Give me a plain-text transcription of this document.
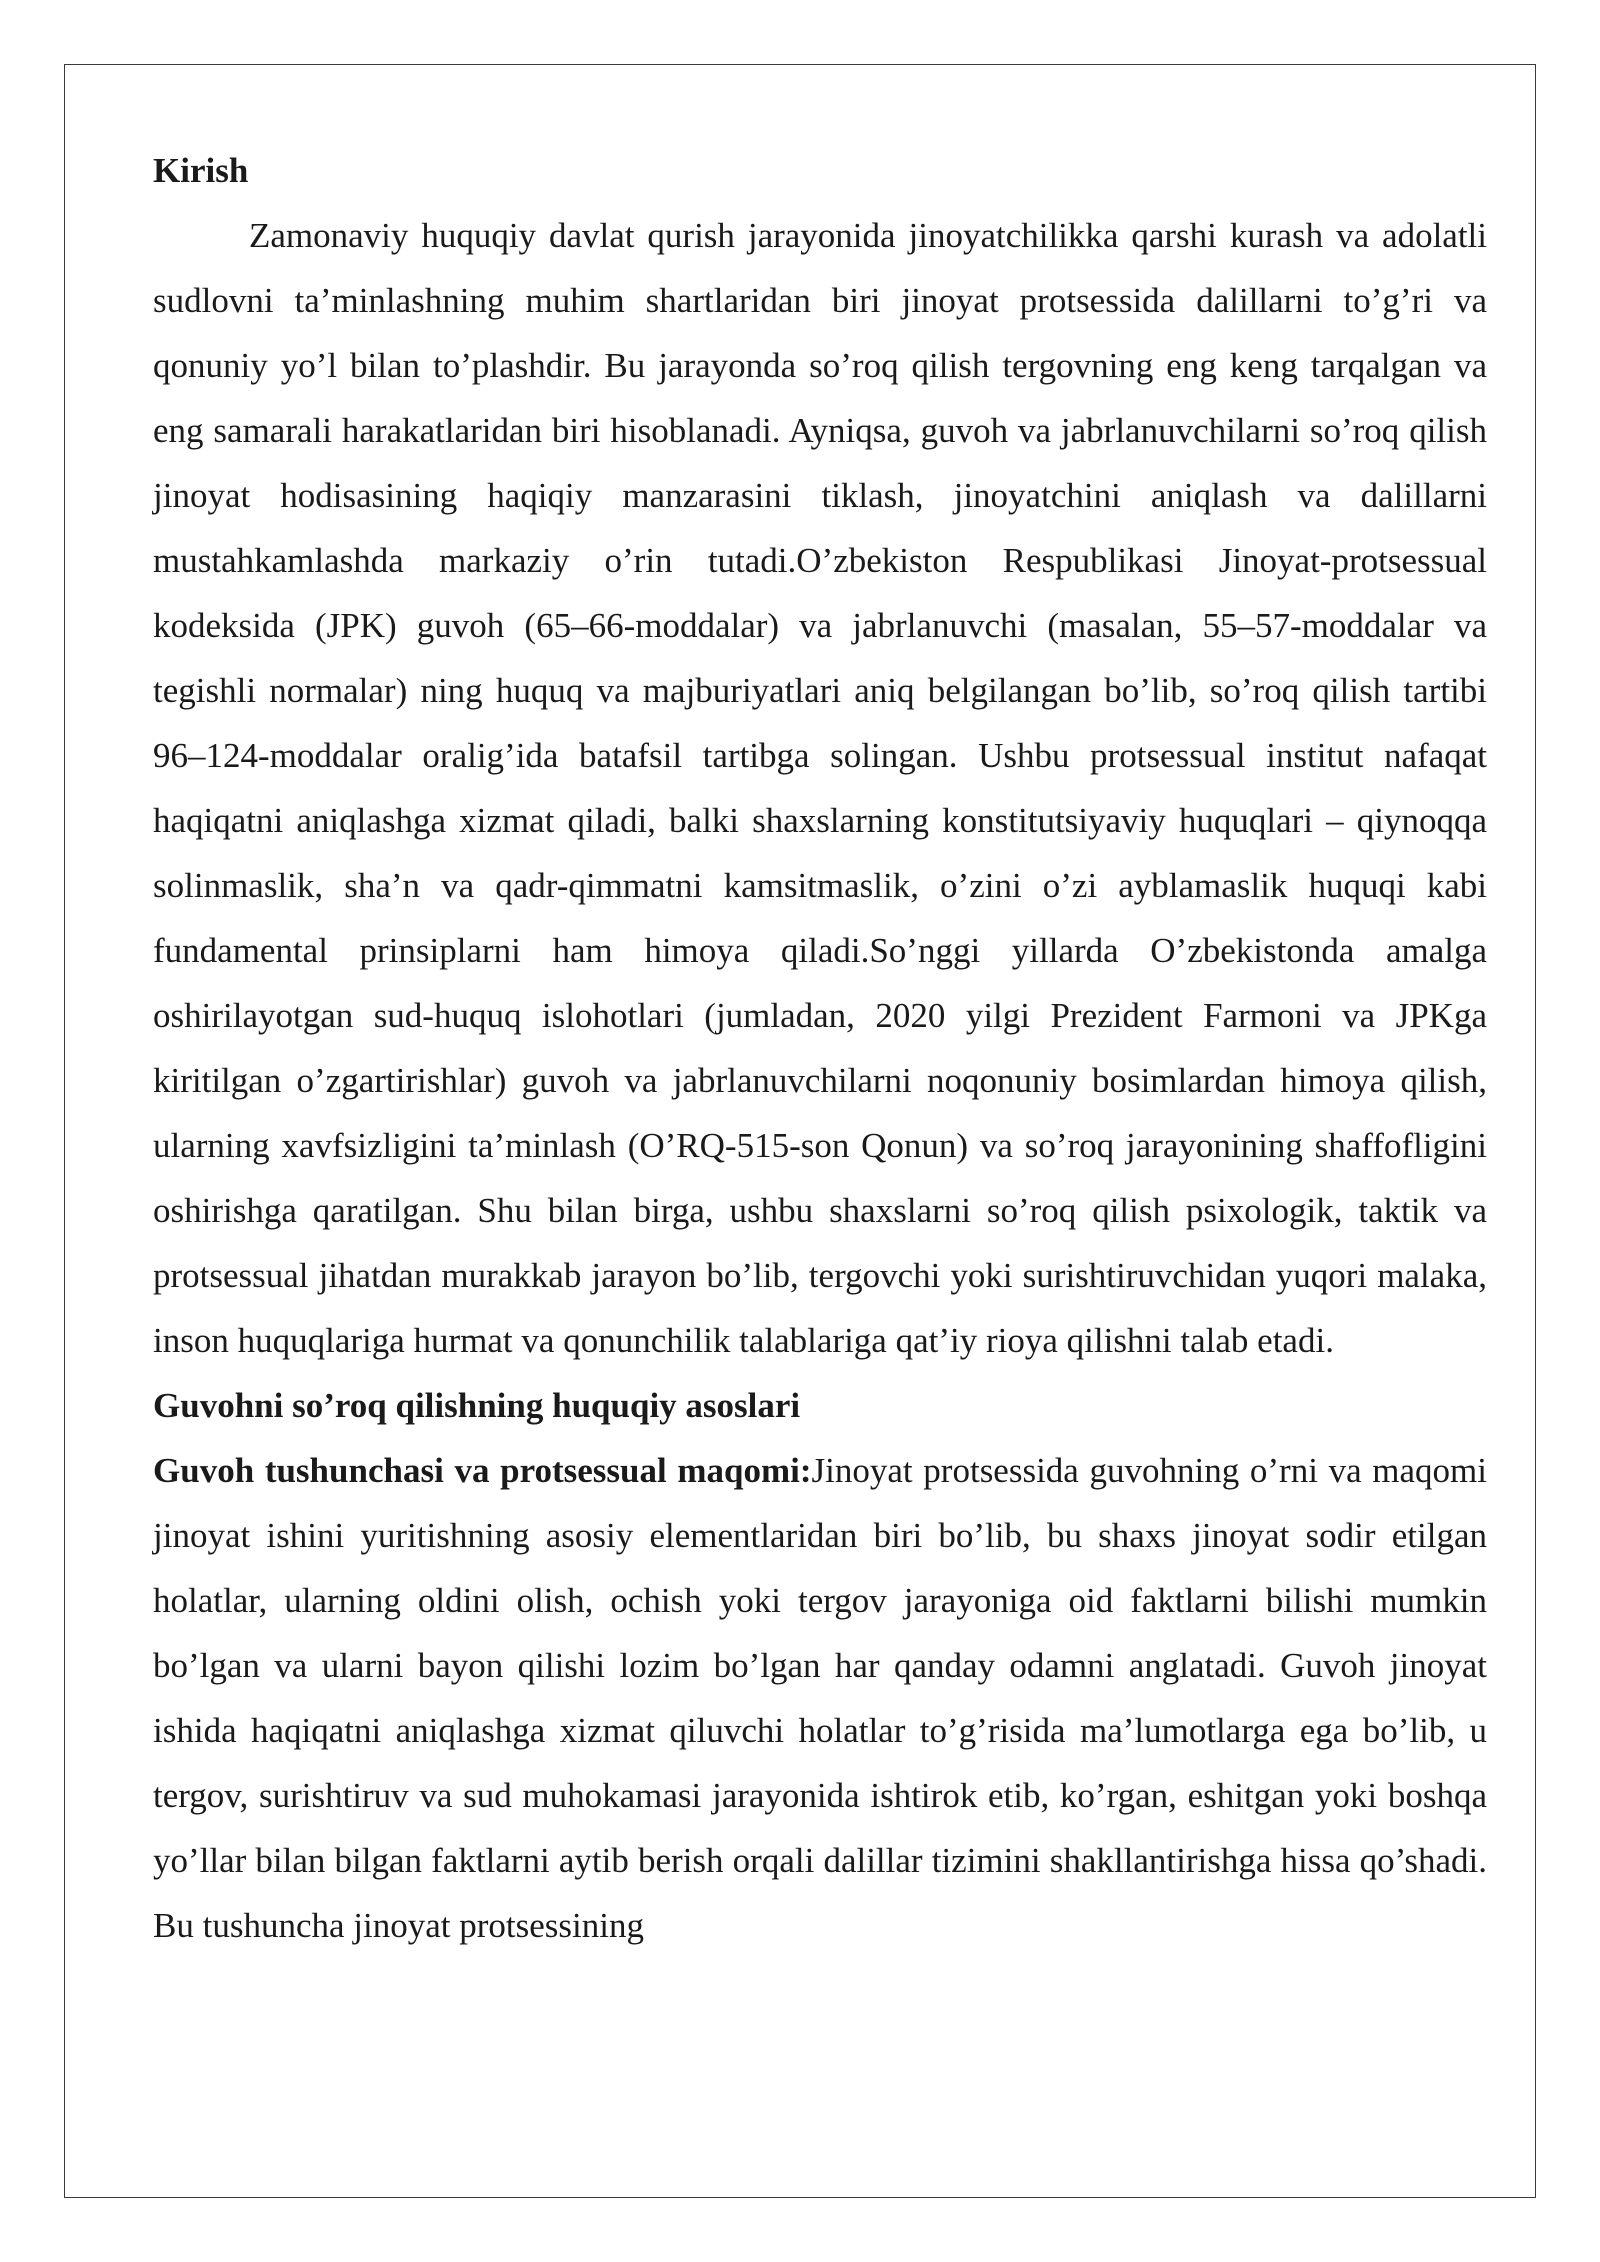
Kirish

Zamonaviy huquqiy davlat qurish jarayonida jinoyatchilikka qarshi kurash va adolatli sudlovni ta’minlashning muhim shartlaridan biri jinoyat protsessida dalillarni to’g’ri va qonuniy yo’l bilan to’plashdir. Bu jarayonda so’roq qilish tergovning eng keng tarqalgan va eng samarali harakatlaridan biri hisoblanadi. Ayniqsa, guvoh va jabrlanuvchilarni so’roq qilish jinoyat hodisasining haqiqiy manzarasini tiklash, jinoyatchini aniqlash va dalillarni mustahkamlashda markaziy o’rin tutadi.O’zbekiston Respublikasi Jinoyat-protsessual kodeksida (JPK) guvoh (65–66-moddalar) va jabrlanuvchi (masalan, 55–57-moddalar va tegishli normalar) ning huquq va majburiyatlari aniq belgilangan bo’lib, so’roq qilish tartibi 96–124-moddalar oralig’ida batafsil tartibga solingan. Ushbu protsessual institut nafaqat haqiqatni aniqlashga xizmat qiladi, balki shaxslarning konstitutsiyaviy huquqlari – qiynoqqa solinmaslik, sha’n va qadr-qimmatni kamsitmaslik, o’zini o’zi ayblamaslik huquqi kabi fundamental prinsiplarni ham himoya qiladi.So’nggi yillarda O’zbekistonda amalga oshirilayotgan sud-huquq islohotlari (jumladan, 2020 yilgi Prezident Farmoni va JPKga kiritilgan o’zgartirishlar) guvoh va jabrlanuvchilarni noqonuniy bosimlardan himoya qilish, ularning xavfsizligini ta’minlash (O’RQ-515-son Qonun) va so’roq jarayonining shaffofligini oshirishga qaratilgan. Shu bilan birga, ushbu shaxslarni so’roq qilish psixologik, taktik va protsessual jihatdan murakkab jarayon bo’lib, tergovchi yoki surishtiruvchidan yuqori malaka, inson huquqlariga hurmat va qonunchilik talablariga qat’iy rioya qilishni talab etadi.

Guvohni so’roq qilishning huquqiy asoslari

Guvoh tushunchasi va protsessual maqomi:Jinoyat protsessida guvohning o’rni va maqomi jinoyat ishini yuritishning asosiy elementlaridan biri bo’lib, bu shaxs jinoyat sodir etilgan holatlar, ularning oldini olish, ochish yoki tergov jarayoniga oid faktlarni bilishi mumkin bo’lgan va ularni bayon qilishi lozim bo’lgan har qanday odamni anglatadi. Guvoh jinoyat ishida haqiqatni aniqlashga xizmat qiluvchi holatlar to’g’risida ma’lumotlarga ega bo’lib, u tergov, surishtiruv va sud muhokamasi jarayonida ishtirok etib, ko’rgan, eshitgan yoki boshqa yo’llar bilan bilgan faktlarni aytib berish orqali dalillar tizimini shakllantirishga hissa qo’shadi. Bu tushuncha jinoyat protsessining
